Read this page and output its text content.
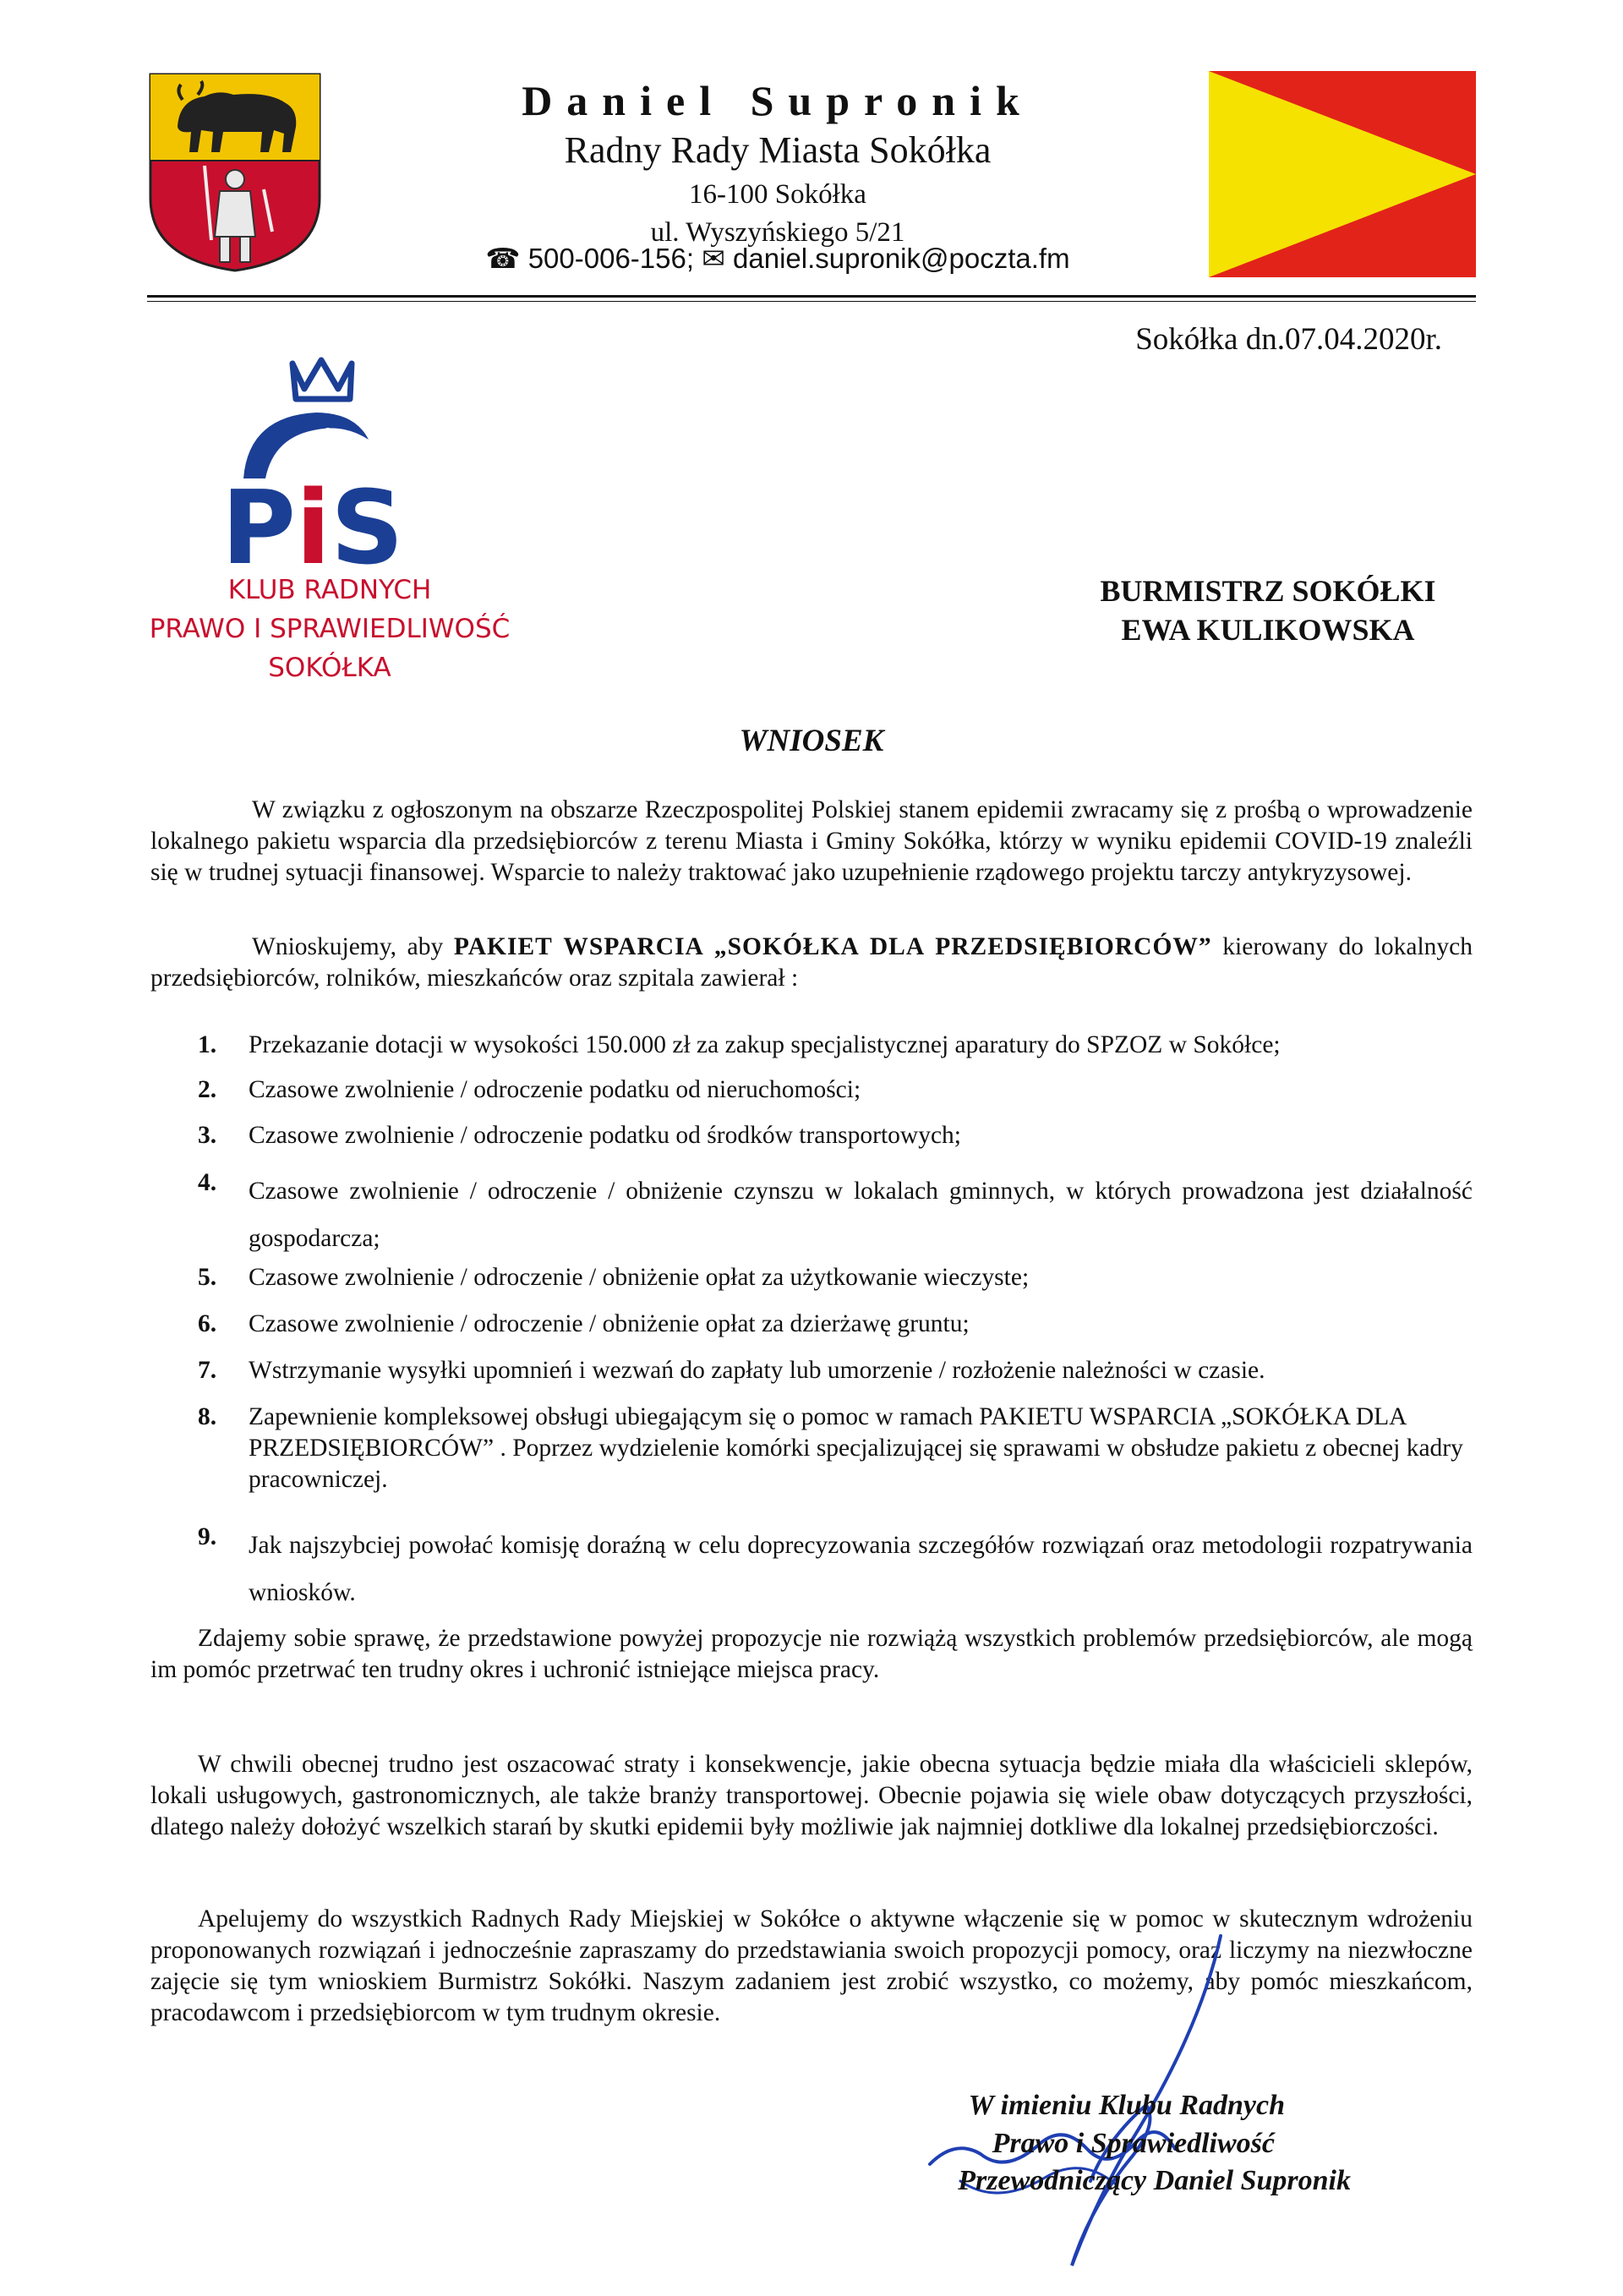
Daniel Supronik
Radny Rady Miasta Sokółka
16-100 Sokółka
ul. Wyszyńskiego 5/21
☎ 500-006-156; ✉ daniel.supronik@poczta.fm
Sokółka dn.07.04.2020r.
PiS
KLUB RADNYCH
PRAWO I SPRAWIEDLIWOŚĆ
SOKÓŁKA
BURMISTRZ SOKÓŁKI
EWA KULIKOWSKA
WNIOSEK
W związku z ogłoszonym na obszarze Rzeczpospolitej Polskiej stanem epidemii zwracamy się z prośbą o wprowadzenie lokalnego pakietu wsparcia dla przedsiębiorców z terenu Miasta i Gminy Sokółka, którzy w wyniku epidemii COVID-19 znaleźli się w trudnej sytuacji finansowej. Wsparcie to należy traktować jako uzupełnienie rządowego projektu tarczy antykryzysowej.
Wnioskujemy, aby PAKIET WSPARCIA „SOKÓŁKA DLA PRZEDSIĘBIORCÓW” kierowany do lokalnych przedsiębiorców, rolników, mieszkańców oraz szpitala zawierał :
1. Przekazanie dotacji w wysokości 150.000 zł za zakup specjalistycznej aparatury do SPZOZ w Sokółce;
2. Czasowe zwolnienie / odroczenie podatku od nieruchomości;
3. Czasowe zwolnienie / odroczenie podatku od środków transportowych;
4. Czasowe zwolnienie / odroczenie / obniżenie czynszu w lokalach gminnych, w których prowadzona jest działalność gospodarcza;
5. Czasowe zwolnienie / odroczenie / obniżenie opłat za użytkowanie wieczyste;
6. Czasowe zwolnienie / odroczenie / obniżenie opłat za dzierżawę gruntu;
7. Wstrzymanie wysyłki upomnień i wezwań do zapłaty lub umorzenie / rozłożenie należności w czasie.
8. Zapewnienie kompleksowej obsługi ubiegającym się o pomoc w ramach PAKIETU WSPARCIA „SOKÓŁKA DLA PRZEDSIĘBIORCÓW” . Poprzez wydzielenie komórki specjalizującej się sprawami w obsłudze pakietu z obecnej kadry pracowniczej.
9. Jak najszybciej powołać komisję doraźną w celu doprecyzowania szczegółów rozwiązań oraz metodologii rozpatrywania wniosków.
Zdajemy sobie sprawę, że przedstawione powyżej propozycje nie rozwiążą wszystkich problemów przedsiębiorców, ale mogą im pomóc przetrwać ten trudny okres i uchronić istniejące miejsca pracy.
W chwili obecnej trudno jest oszacować straty i konsekwencje, jakie obecna sytuacja będzie miała dla właścicieli sklepów, lokali usługowych, gastronomicznych, ale także branży transportowej. Obecnie pojawia się wiele obaw dotyczących przyszłości, dlatego należy dołożyć wszelkich starań by skutki epidemii były możliwie jak najmniej dotkliwe dla lokalnej przedsiębiorczości.
Apelujemy do wszystkich Radnych Rady Miejskiej w Sokółce o aktywne włączenie się w pomoc w skutecznym wdrożeniu proponowanych rozwiązań i jednocześnie zapraszamy do przedstawiania swoich propozycji pomocy, oraz liczymy na niezwłoczne zajęcie się tym wnioskiem Burmistrz Sokółki. Naszym zadaniem jest zrobić wszystko, co możemy, aby pomóc mieszkańcom, pracodawcom i przedsiębiorcom w tym trudnym okresie.
W imieniu Klubu Radnych
Prawo i Sprawiedliwość
Przewodniczący Daniel Supronik
